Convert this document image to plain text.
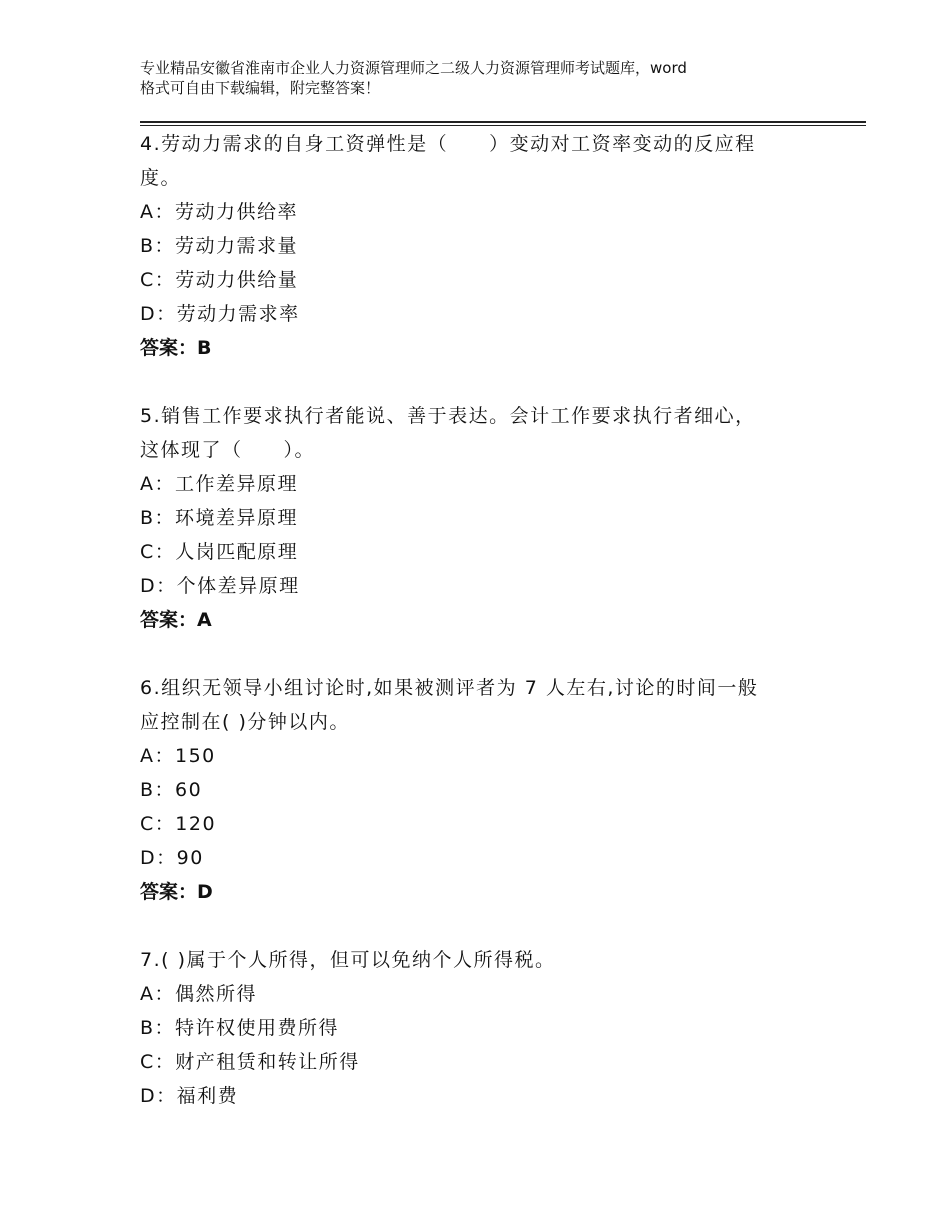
专业精品安徽省淮南市企业人力资源管理师之二级人力资源管理师考试题库，word
格式可自由下载编辑，附完整答案！
4.劳动力需求的自身工资弹性是（　　）变动对工资率变动的反应程
度。
A：劳动力供给率
B：劳动力需求量
C：劳动力供给量
D：劳动力需求率
答案：B
5.销售工作要求执行者能说、善于表达。会计工作要求执行者细心，
这体现了（　　）。
A：工作差异原理
B：环境差异原理
C：人岗匹配原理
D：个体差异原理
答案：A
6.组织无领导小组讨论时,如果被测评者为 7 人左右,讨论的时间一般
应控制在( )分钟以内。
A：150
B：60
C：120
D：90
答案：D
7.( )属于个人所得，但可以免纳个人所得税。
A：偶然所得
B：特许权使用费所得
C：财产租赁和转让所得
D：福利费
